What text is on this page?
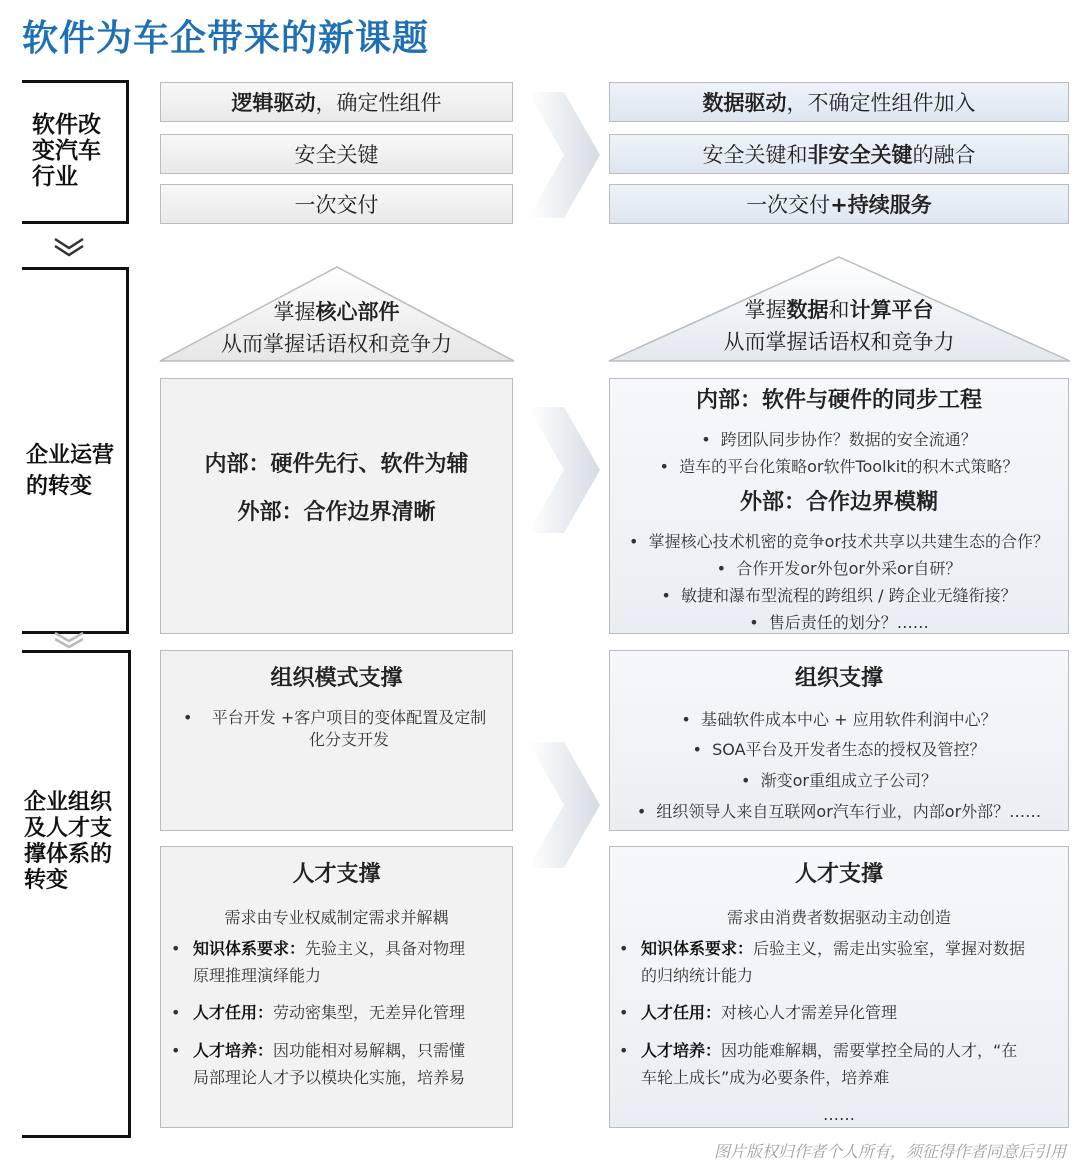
软件为车企带来的新课题
软件改变汽车行业
企业运营的转变
企业组织及人才支撑体系的转变
逻辑驱动 ，确定性组件
安全关键
一次交付
数据驱动 ，不确定性组件加入
安全关键和 非安全关键 的融合
一次交付 +持续服务
掌握核心部件
从而掌握话语权和竞争力
掌握数据和计算平台
从而掌握话语权和竞争力
内部：硬件先行、软件为辅
外部：合作边界清晰
内部：软件与硬件的同步工程
• 跨团队同步协作？数据的安全流通？
• 造车的平台化策略or软件Toolkit的积木式策略？
外部：合作边界模糊
• 掌握核心技术机密的竞争or技术共享以共建生态的合作？
• 合作开发or外包or外采or自研？
• 敏捷和瀑布型流程的跨组织 / 跨企业无缝衔接？
• 售后责任的划分？……
组织模式支撑
•	平台开发 +客户项目的变体配置及定制
化分支开发
组织支撑
• 基础软件成本中心 + 应用软件利润中心？
• SOA平台及开发者生态的授权及管控？
• 渐变or重组成立子公司？
• 组织领导人来自互联网or汽车行业，内部or外部？……
人才支撑
需求由专业权威制定需求并解耦
• 知识体系要求：先验主义，具备对物理
原理推理演绎能力
• 人才任用：劳动密集型，无差异化管理
• 人才培养：因功能相对易解耦，只需懂
局部理论人才予以模块化实施，培养易
人才支撑
需求由消费者数据驱动主动创造
• 知识体系要求：后验主义，需走出实验室，掌握对数据
的归纳统计能力
• 人才任用：对核心人才需差异化管理
• 人才培养：因功能难解耦，需要掌控全局的人才，“在
车轮上成长”成为必要条件，培养难
……
图片版权归作者个人所有，须征得作者同意后引用
